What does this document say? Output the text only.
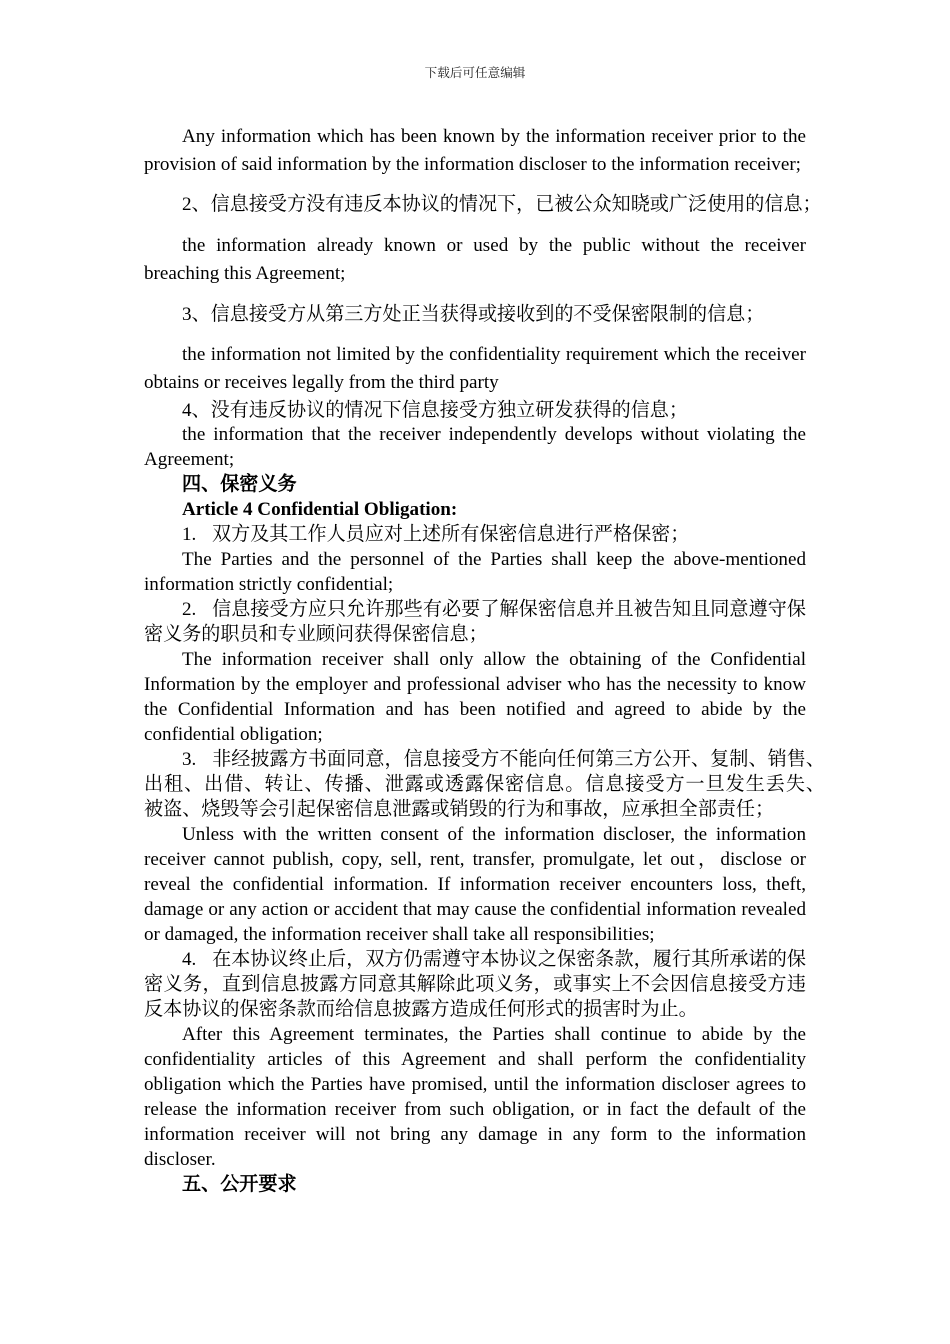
下载后可任意编辑
Any information which has been known by the information receiver prior to the
provision of said information by the information discloser to the information receiver;
2、信息接受方没有违反本协议的情况下，已被公众知晓或广泛使用的信息；
the information already known or used by the public without the receiver
breaching this Agreement;
3、信息接受方从第三方处正当获得或接收到的不受保密限制的信息；
the information not limited by the confidentiality requirement which the receiver
obtains or receives legally from the third party
4、没有违反协议的情况下信息接受方独立研发获得的信息；
the information that the receiver independently develops without violating the
Agreement;
四、保密义务
Article 4 Confidential Obligation:
1. 双方及其工作人员应对上述所有保密信息进行严格保密；
The Parties and the personnel of the Parties shall keep the above-mentioned
information strictly confidential;
2. 信息接受方应只允许那些有必要了解保密信息并且被告知且同意遵守保
密义务的职员和专业顾问获得保密信息；
The information receiver shall only allow the obtaining of the Confidential
Information by the employer and professional adviser who has the necessity to know
the Confidential Information and has been notified and agreed to abide by the
confidential obligation;
3. 非经披露方书面同意，信息接受方不能向任何第三方公开、复制、销售、
出租、出借、转让、传播、泄露或透露保密信息。信息接受方一旦发生丢失、
被盗、烧毁等会引起保密信息泄露或销毁的行为和事故，应承担全部责任；
Unless with the written consent of the information discloser, the information
receiver cannot publish, copy, sell, rent, transfer, promulgate, let out，disclose or
reveal the confidential information. If information receiver encounters loss, theft,
damage or any action or accident that may cause the confidential information revealed
or damaged, the information receiver shall take all responsibilities;
4. 在本协议终止后，双方仍需遵守本协议之保密条款，履行其所承诺的保
密义务，直到信息披露方同意其解除此项义务，或事实上不会因信息接受方违
反本协议的保密条款而给信息披露方造成任何形式的损害时为止。
After this Agreement terminates, the Parties shall continue to abide by the
confidentiality articles of this Agreement and shall perform the confidentiality
obligation which the Parties have promised, until the information discloser agrees to
release the information receiver from such obligation, or in fact the default of the
information receiver will not bring any damage in any form to the information
discloser.
五、公开要求
